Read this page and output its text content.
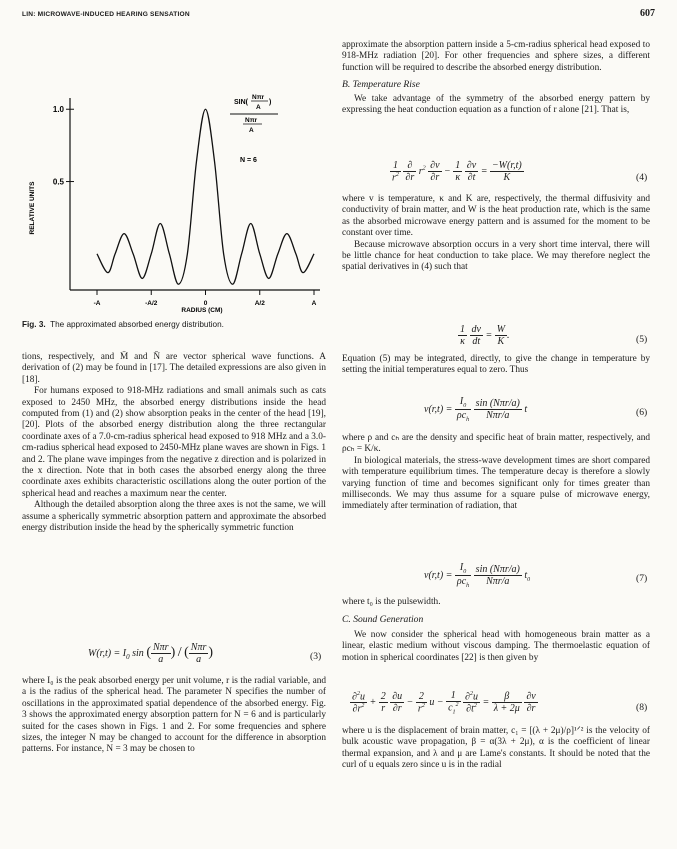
LIN: MICROWAVE-INDUCED HEARING SENSATION	607
1.0
0.5
-A	-A/2	0	A/2	A
RELATIVE UNITS
RADIUS (CM)
SIN(
Nπr
A
)
Nπr
A
N = 6
Fig. 3. The approximated absorbed energy distribution.

tions, respectively, and M̄ and N̄ are vector spherical wave functions. A derivation of (2) may be found in [17]. The detailed expressions are also given in [18].

For humans exposed to 918-MHz radiations and small animals such as cats exposed to 2450 MHz, the absorbed energy distributions inside the head computed from (1) and (2) show absorption peaks in the center of the head [19], [20]. Plots of the absorbed energy distribution along the three rectangular coordinate axes of a 7.0-cm-radius spherical head exposed to 918 MHz and a 3.0-cm-radius spherical head exposed to 2450-MHz plane waves are shown in Figs. 1 and 2. The plane wave impinges from the negative z direction and is polarized in the x direction. Note that in both cases the absorbed energy along the three coordinate axes exhibits characteristic oscillations along the outer portion of the spherical head and reaches a maximum near the center.

Although the detailed absorption along the three axes is not the same, we will assume a spherically symmetric absorption pattern and approximate the absorbed energy distribution inside the head by the spherically symmetric function

$W(r,t) = I_0$ sin ( $\frac{\text{Nπr}}{a}$ ) / ( $\frac{\text{Nπr}}{a}$ )	(3)

where I₀ is the peak absorbed energy per unit volume, r is the radial variable, and a is the radius of the spherical head. The parameter N specifies the number of oscillations in the approximated spatial dependence of the absorbed energy. Fig. 3 shows the approximated energy absorption pattern for N = 6 and is particularly suited for the cases shown in Figs. 1 and 2. For some frequencies and sphere sizes, the integer N may be changed to account for the difference in absorption patterns. For instance, N = 3 may be chosen to

approximate the absorption pattern inside a 5-cm-radius spherical head exposed to 918-MHz radiation [20]. For other frequencies and sphere sizes, a different function will be required to describe the absorbed energy distribution.

B. Temperature Rise

We take advantage of the symmetry of the absorbed energy pattern by expressing the heat conduction equation as a function of r alone [21]. That is,

$\frac{1}{r^2}$
$\frac{\partial}{\partial r} r^2 \frac{\partial v}{\partial r} - \frac{1}{\kappa}$
$\frac{\partial v}{\partial t} = \frac{-W(r,t)}{K}$	(4)

where v is temperature, κ and K are, respectively, the thermal diffusivity and conductivity of brain matter, and W is the heat production rate, which is the same as the absorbed microwave energy pattern and is assumed for the moment to be constant over time.

Because microwave absorption occurs in a very short time interval, there will be little chance for heat conduction to take place. We may therefore neglect the spatial derivatives in (4) such that

$\frac{1}{\kappa}$
$\frac{dv}{dt} = \frac{W}{K}$ .	(5)

Equation (5) may be integrated, directly, to give the change in temperature by setting the initial temperatures equal to zero. Thus

$v(r,t) = \frac{I_0}{\rho c_h}$
$\frac{\text{sin (Nπr/a)}}{\text{Nπr/a}}$ t	(6)

where ρ and cₕ are the density and specific heat of brain matter, respectively, and ρcₕ = K/κ.

In biological materials, the stress-wave development times are short compared with temperature equilibrium times. The temperature decay is therefore a slowly varying function of time and becomes significant only for times greater than milliseconds. We may thus assume for a square pulse of microwave energy, immediately after termination of radiation, that

$v(r,t) = \frac{I_0}{\rho c_h}$
$\frac{\text{sin (Nπr/a)}}{\text{Nπr/a}} t_0$	(7)

where t₀ is the pulsewidth.

C. Sound Generation

We now consider the spherical head with homogeneous brain matter as a linear, elastic medium without viscous damping. The thermoelastic equation of motion in spherical coordinates [22] is then given by

$\frac{\partial^2u}{\partial r^2} + \frac{2}{r}$
$\frac{\partial u}{\partial r} - \frac{2}{r^2}$ $u - \frac{1}{c_1^2}$
$\frac{\partial^2u}{\partial t^2} = \frac{\beta}{\lambda + 2\mu}$
$\frac{\partial v}{\partial r}$	(8)

where u is the displacement of brain matter, c₁ = [(λ + 2μ)/ρ]¹ᐟ² is the velocity of bulk acoustic wave propagation, β = α(3λ + 2μ), α is the coefficient of linear thermal expansion, and λ and μ are Lame's constants. It should be noted that the curl of u equals zero since u is in the radial
